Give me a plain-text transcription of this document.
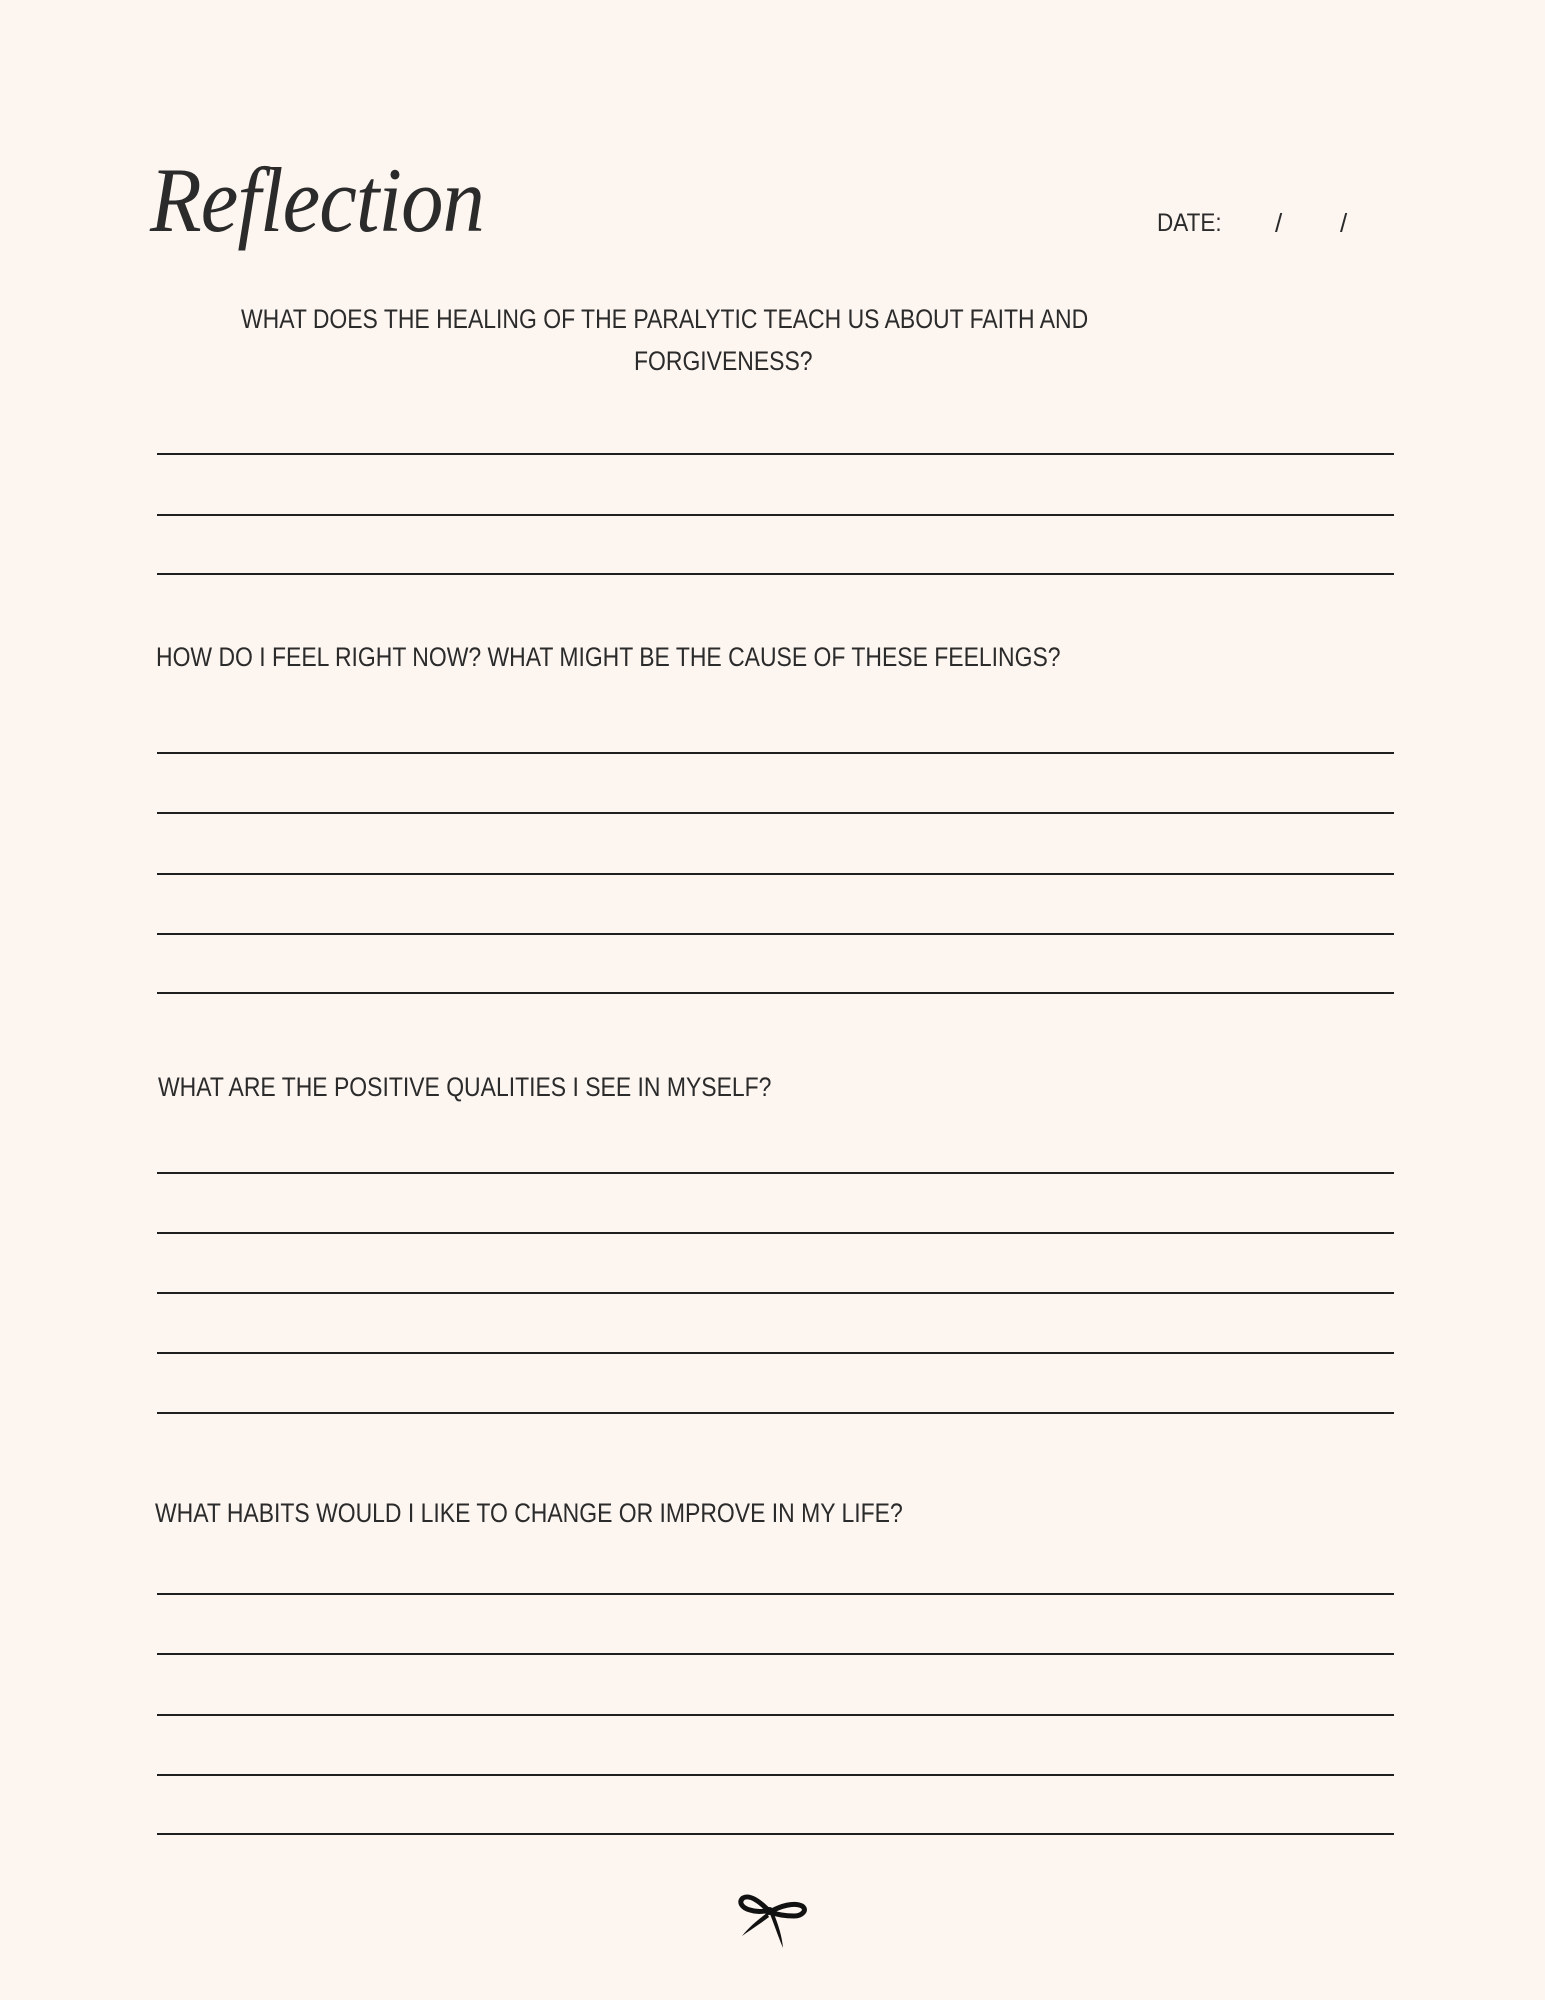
Reflection	DATE: / /
WHAT DOES THE HEALING OF THE PARALYTIC TEACH US ABOUT FAITH AND
FORGIVENESS?
HOW DO I FEEL RIGHT NOW? WHAT MIGHT BE THE CAUSE OF THESE FEELINGS?
WHAT ARE THE POSITIVE QUALITIES I SEE IN MYSELF?
WHAT HABITS WOULD I LIKE TO CHANGE OR IMPROVE IN MY LIFE?
